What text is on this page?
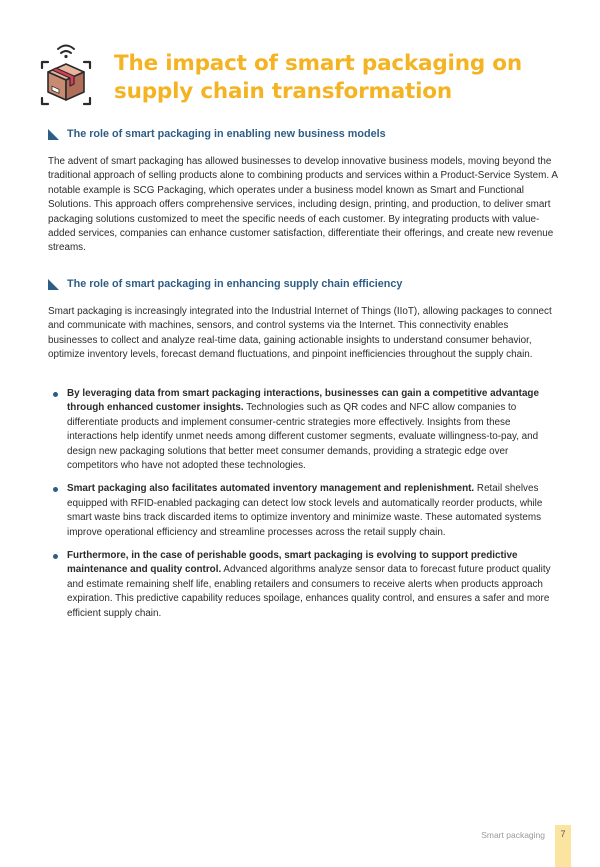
The impact of smart packaging on supply chain transformation
The role of smart packaging in enabling new business models

The advent of smart packaging has allowed businesses to develop innovative business models, moving beyond the traditional approach of selling products alone to combining products and services within a Product-Service System. A notable example is SCG Packaging, which operates under a business model known as Smart and Functional Solutions. This approach offers comprehensive services, including design, printing, and production, to deliver smart packaging solutions customized to meet the specific needs of each customer. By integrating products with value-added services, companies can enhance customer satisfaction, differentiate their offerings, and create new revenue streams.

The role of smart packaging in enhancing supply chain efficiency

Smart packaging is increasingly integrated into the Industrial Internet of Things (IIoT), allowing packages to connect and communicate with machines, sensors, and control systems via the Internet. This connectivity enables businesses to collect and analyze real-time data, gaining actionable insights to understand consumer behavior, optimize inventory levels, forecast demand fluctuations, and pinpoint inefficiencies throughout the supply chain.

By leveraging data from smart packaging interactions, businesses can gain a competitive advantage through enhanced customer insights. Technologies such as QR codes and NFC allow companies to differentiate products and implement consumer-centric strategies more effectively. Insights from these interactions help identify unmet needs among different customer segments, evaluate willingness-to-pay, and design new packaging solutions that better meet consumer demands, providing a strategic edge over competitors who have not adopted these technologies.
Smart packaging also facilitates automated inventory management and replenishment. Retail shelves equipped with RFID-enabled packaging can detect low stock levels and automatically reorder products, while smart waste bins track discarded items to optimize inventory and minimize waste. These automated systems improve operational efficiency and streamline processes across the retail supply chain.
Furthermore, in the case of perishable goods, smart packaging is evolving to support predictive maintenance and quality control. Advanced algorithms analyze sensor data to forecast future product quality and estimate remaining shelf life, enabling retailers and consumers to receive alerts when products approach expiration. This predictive capability reduces spoilage, enhances quality control, and ensures a safer and more efficient supply chain.
Smart packaging	7
